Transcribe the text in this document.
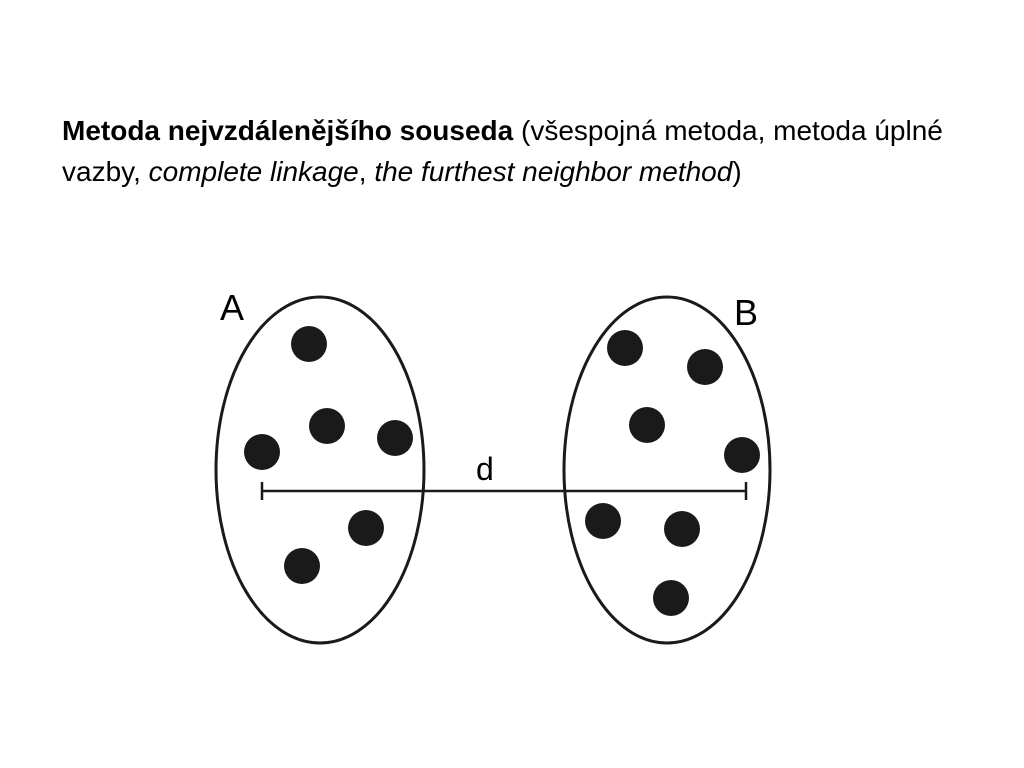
Metoda nejvzdálenějšího souseda (všespojná metoda, metoda úplné vazby, complete linkage, the furthest neighbor method)

A	B
d
